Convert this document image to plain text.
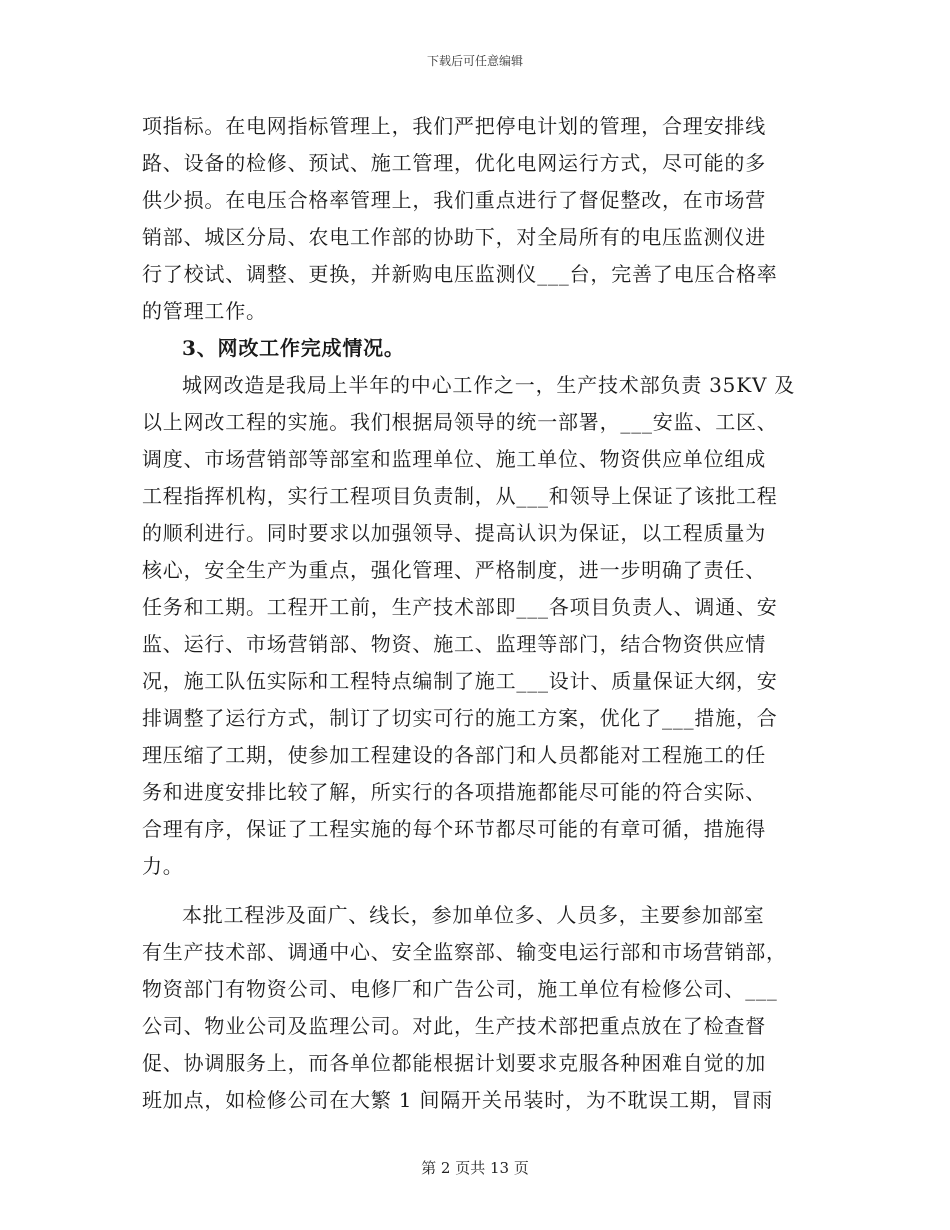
下载后可任意编辑
项指标。在电网指标管理上，我们严把停电计划的管理，合理安排线
路、设备的检修、预试、施工管理，优化电网运行方式，尽可能的多
供少损。在电压合格率管理上，我们重点进行了督促整改，在市场营
销部、城区分局、农电工作部的协助下，对全局所有的电压监测仪进
行了校试、调整、更换，并新购电压监测仪___台，完善了电压合格率
的管理工作。
3、网改工作完成情况。
城网改造是我局上半年的中心工作之一，生产技术部负责 35KV 及
以上网改工程的实施。我们根据局领导的统一部署，___安监、工区、
调度、市场营销部等部室和监理单位、施工单位、物资供应单位组成
工程指挥机构，实行工程项目负责制，从___和领导上保证了该批工程
的顺利进行。同时要求以加强领导、提高认识为保证，以工程质量为
核心，安全生产为重点，强化管理、严格制度，进一步明确了责任、
任务和工期。工程开工前，生产技术部即___各项目负责人、调通、安
监、运行、市场营销部、物资、施工、监理等部门，结合物资供应情
况，施工队伍实际和工程特点编制了施工___设计、质量保证大纲，安
排调整了运行方式，制订了切实可行的施工方案，优化了___措施，合
理压缩了工期，使参加工程建设的各部门和人员都能对工程施工的任
务和进度安排比较了解，所实行的各项措施都能尽可能的符合实际、
合理有序，保证了工程实施的每个环节都尽可能的有章可循，措施得
力。
本批工程涉及面广、线长，参加单位多、人员多，主要参加部室
有生产技术部、调通中心、安全监察部、输变电运行部和市场营销部，
物资部门有物资公司、电修厂和广告公司，施工单位有检修公司、___
公司、物业公司及监理公司。对此，生产技术部把重点放在了检查督
促、协调服务上，而各单位都能根据计划要求克服各种困难自觉的加
班加点，如检修公司在大繁 1 间隔开关吊装时，为不耽误工期，冒雨
第 2 页共 13 页
